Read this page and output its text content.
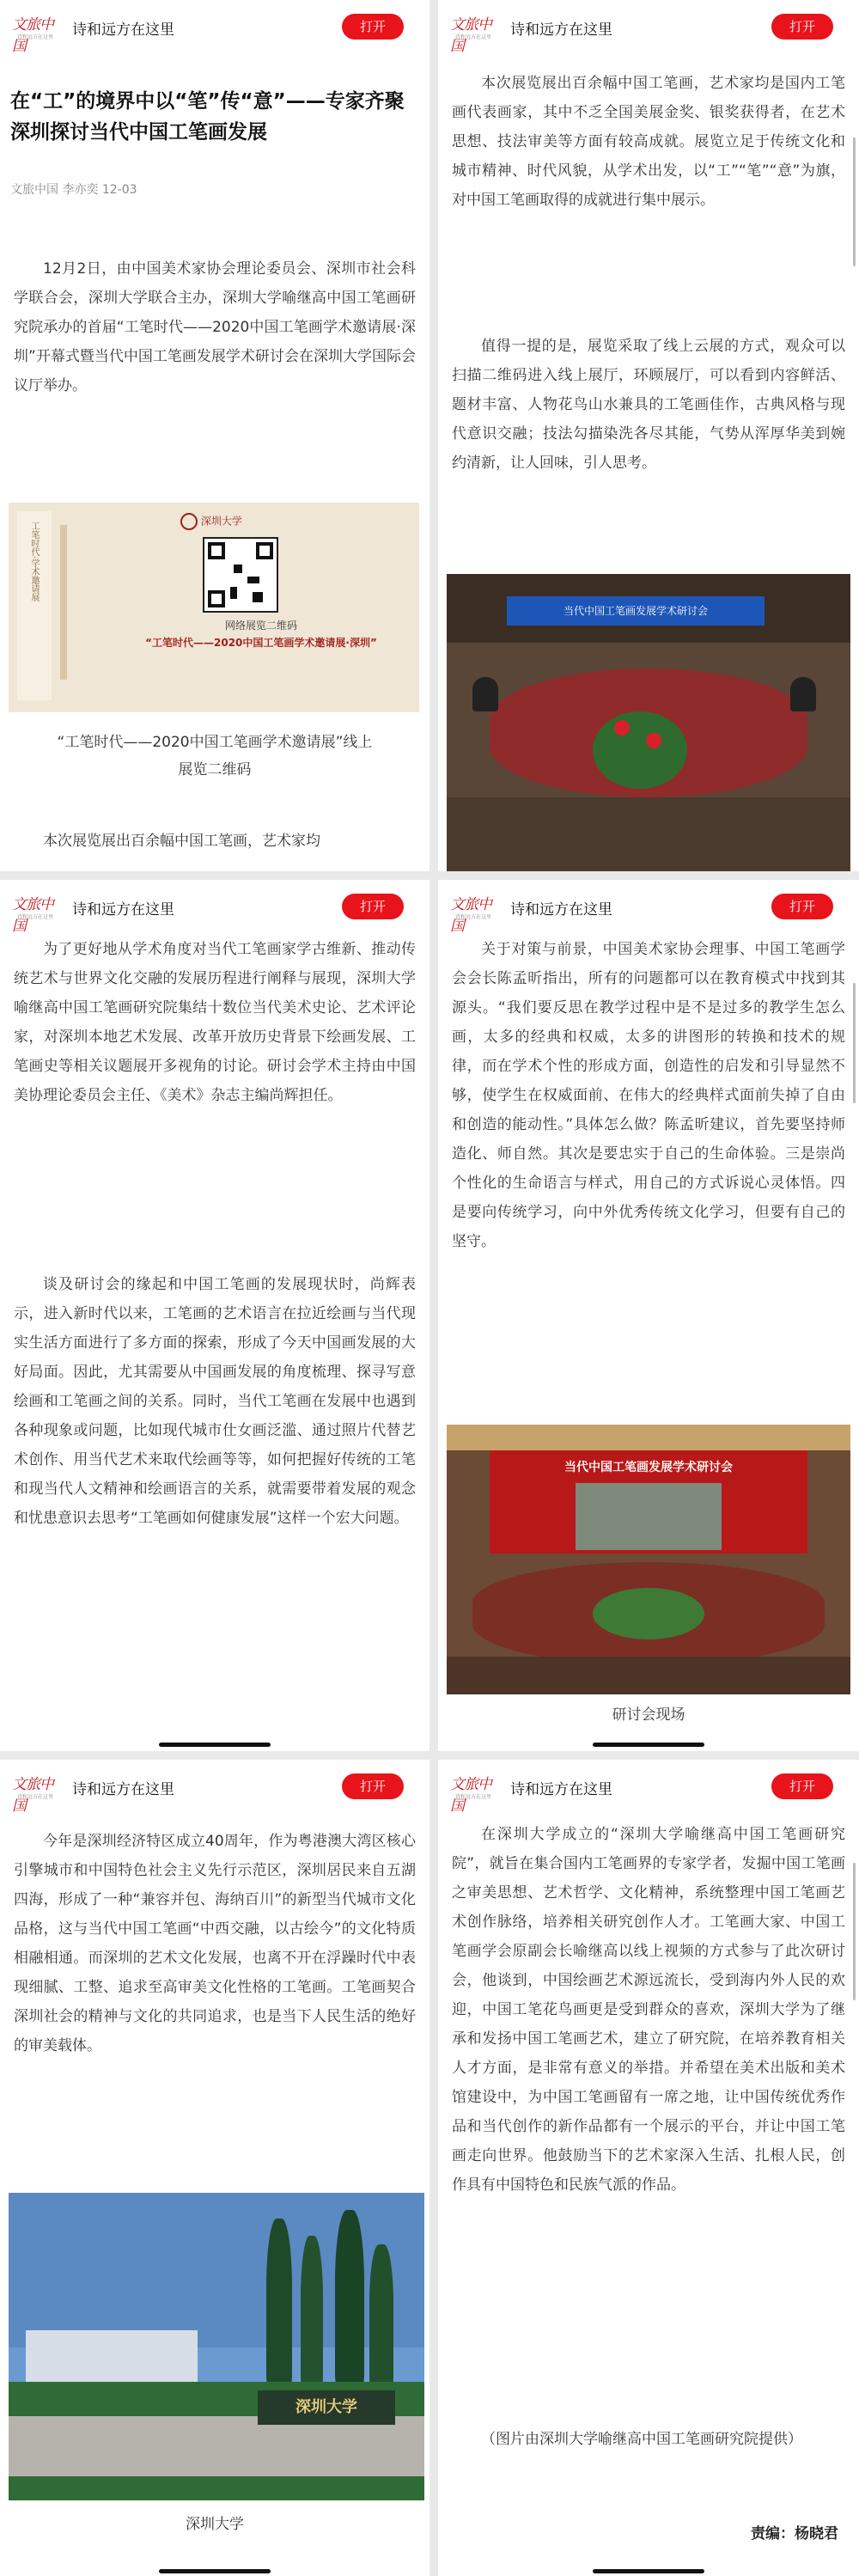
文旅中国
诗和远方在这里 诗和远方在这里	打开
在“工”的境界中以“笔”传“意”——专家齐聚深圳探讨当代中国工笔画发展
文旅中国 李亦奕 12-03
12月2日，由中国美术家协会理论委员会、深圳市社会科学联合会，深圳大学联合主办，深圳大学喻继高中国工笔画研究院承办的首届“工笔时代——2020中国工笔画学术邀请展·深圳”开幕式暨当代中国工笔画发展学术研讨会在深圳大学国际会议厅举办。
工笔时代·学术邀请展
深圳大学
网络展览二维码
“工笔时代——2020中国工笔画学术邀请展·深圳”
“工笔时代——2020中国工笔画学术邀请展”线上
展览二维码
本次展览展出百余幅中国工笔画，艺术家均
文旅中国
诗和远方在这里 诗和远方在这里	打开
本次展览展出百余幅中国工笔画，艺术家均是国内工笔画代表画家，其中不乏全国美展金奖、银奖获得者，在艺术思想、技法审美等方面有较高成就。展览立足于传统文化和城市精神、时代风貌，从学术出发，以“工”“笔”“意”为旗，对中国工笔画取得的成就进行集中展示。
值得一提的是，展览采取了线上云展的方式，观众可以扫描二维码进入线上展厅，环顾展厅，可以看到内容鲜活、题材丰富、人物花鸟山水兼具的工笔画佳作，古典风格与现代意识交融；技法勾描染洗各尽其能，气势从浑厚华美到婉约清新，让人回味，引人思考。
当代中国工笔画发展学术研讨会
文旅中国
诗和远方在这里 诗和远方在这里	打开
为了更好地从学术角度对当代工笔画家学古维新、推动传统艺术与世界文化交融的发展历程进行阐释与展现，深圳大学喻继高中国工笔画研究院集结十数位当代美术史论、艺术评论家，对深圳本地艺术发展、改革开放历史背景下绘画发展、工笔画史等相关议题展开多视角的讨论。研讨会学术主持由中国美协理论委员会主任、《美术》杂志主编尚辉担任。
谈及研讨会的缘起和中国工笔画的发展现状时，尚辉表示，进入新时代以来，工笔画的艺术语言在拉近绘画与当代现实生活方面进行了多方面的探索，形成了今天中国画发展的大好局面。因此，尤其需要从中国画发展的角度梳理、探寻写意绘画和工笔画之间的关系。同时，当代工笔画在发展中也遇到各种现象或问题，比如现代城市仕女画泛滥、通过照片代替艺术创作、用当代艺术来取代绘画等等，如何把握好传统的工笔和现当代人文精神和绘画语言的关系，就需要带着发展的观念和忧患意识去思考“工笔画如何健康发展”这样一个宏大问题。
文旅中国
诗和远方在这里 诗和远方在这里	打开
关于对策与前景，中国美术家协会理事、中国工笔画学会会长陈孟昕指出，所有的问题都可以在教育模式中找到其源头。“我们要反思在教学过程中是不是过多的教学生怎么画，太多的经典和权威，太多的讲图形的转换和技术的规律，而在学术个性的形成方面，创造性的启发和引导显然不够，使学生在权威面前、在伟大的经典样式面前失掉了自由和创造的能动性。”具体怎么做？陈孟昕建议，首先要坚持师造化、师自然。其次是要忠实于自己的生命体验。三是崇尚个性化的生命语言与样式，用自己的方式诉说心灵体悟。四是要向传统学习，向中外优秀传统文化学习，但要有自己的坚守。
当代中国工笔画发展学术研讨会
研讨会现场
文旅中国
诗和远方在这里 诗和远方在这里	打开
今年是深圳经济特区成立40周年，作为粤港澳大湾区核心引擎城市和中国特色社会主义先行示范区，深圳居民来自五湖四海，形成了一种“兼容并包、海纳百川”的新型当代城市文化品格，这与当代中国工笔画“中西交融，以古绘今”的文化特质相融相通。而深圳的艺术文化发展，也离不开在浮躁时代中表现细腻、工整、追求至高审美文化性格的工笔画。工笔画契合深圳社会的精神与文化的共同追求，也是当下人民生活的绝好的审美载体。
深圳大学
深圳大学
文旅中国
诗和远方在这里 诗和远方在这里	打开
在深圳大学成立的“深圳大学喻继高中国工笔画研究院”，就旨在集合国内工笔画界的专家学者，发掘中国工笔画之审美思想、艺术哲学、文化精神，系统整理中国工笔画艺术创作脉络，培养相关研究创作人才。工笔画大家、中国工笔画学会原副会长喻继高以线上视频的方式参与了此次研讨会，他谈到，中国绘画艺术源远流长，受到海内外人民的欢迎，中国工笔花鸟画更是受到群众的喜欢，深圳大学为了继承和发扬中国工笔画艺术，建立了研究院，在培养教育相关人才方面，是非常有意义的举措。并希望在美术出版和美术馆建设中，为中国工笔画留有一席之地，让中国传统优秀作品和当代创作的新作品都有一个展示的平台，并让中国工笔画走向世界。他鼓励当下的艺术家深入生活、扎根人民，创作具有中国特色和民族气派的作品。
（图片由深圳大学喻继高中国工笔画研究院提供）
责编：杨晓君
